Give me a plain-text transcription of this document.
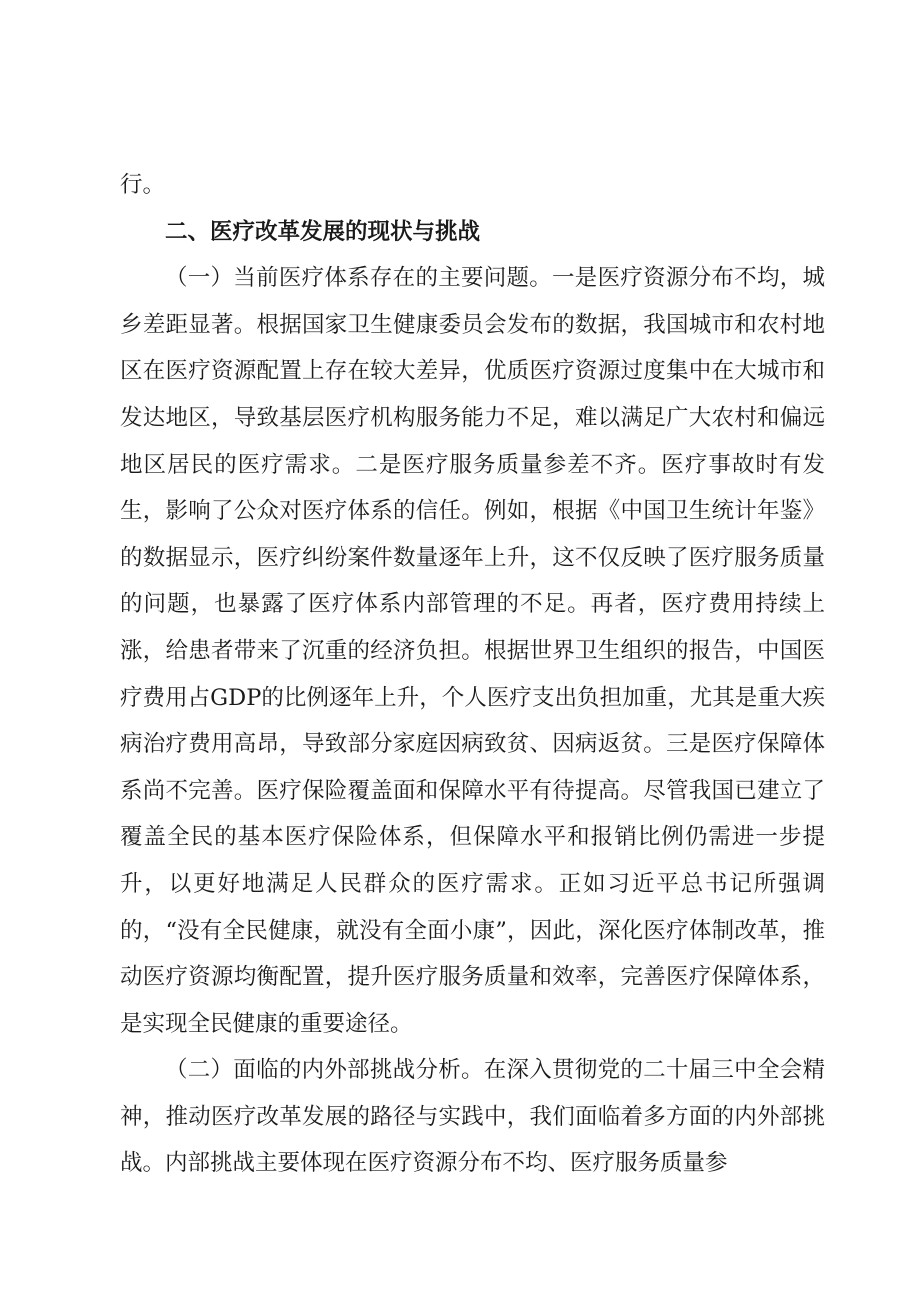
行。

二、医疗改革发展的现状与挑战

（一）当前医疗体系存在的主要问题。一是医疗资源分布不均，城乡差距显著。根据国家卫生健康委员会发布的数据，我国城市和农村地区在医疗资源配置上存在较大差异，优质医疗资源过度集中在大城市和发达地区，导致基层医疗机构服务能力不足，难以满足广大农村和偏远地区居民的医疗需求。二是医疗服务质量参差不齐。医疗事故时有发生，影响了公众对医疗体系的信任。例如，根据《中国卫生统计年鉴》的数据显示，医疗纠纷案件数量逐年上升，这不仅反映了医疗服务质量的问题，也暴露了医疗体系内部管理的不足。再者，医疗费用持续上涨，给患者带来了沉重的经济负担。根据世界卫生组织的报告，中国医疗费用占GDP的比例逐年上升，个人医疗支出负担加重，尤其是重大疾病治疗费用高昂，导致部分家庭因病致贫、因病返贫。三是医疗保障体系尚不完善。医疗保险覆盖面和保障水平有待提高。尽管我国已建立了覆盖全民的基本医疗保险体系，但保障水平和报销比例仍需进一步提升，以更好地满足人民群众的医疗需求。正如习近平总书记所强调的，“没有全民健康，就没有全面小康”，因此，深化医疗体制改革，推动医疗资源均衡配置，提升医疗服务质量和效率，完善医疗保障体系，是实现全民健康的重要途径。

（二）面临的内外部挑战分析。在深入贯彻党的二十届三中全会精神，推动医疗改革发展的路径与实践中，我们面临着多方面的内外部挑战。内部挑战主要体现在医疗资源分布不均、医疗服务质量参
